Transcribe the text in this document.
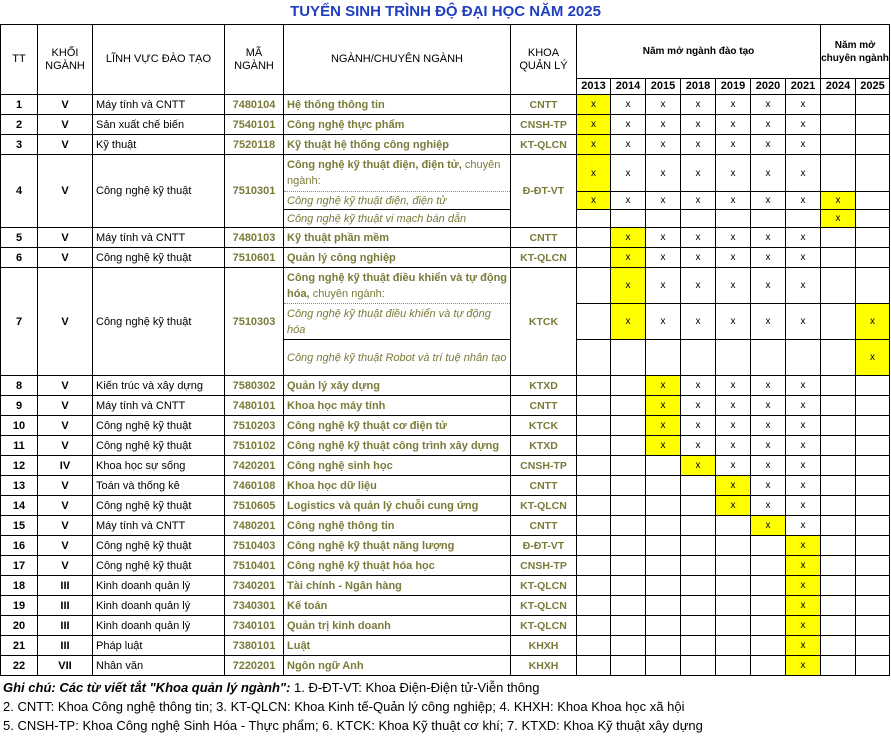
TUYỂN SINH TRÌNH ĐỘ ĐẠI HỌC NĂM 2025
TT	KHỐI NGÀNH	LĨNH VỰC ĐÀO TẠO	MÃ NGÀNH	NGÀNH/CHUYÊN NGÀNH	KHOA QUẢN LÝ	Năm mở ngành đào tạo							Năm mở chuyên ngành	
						2013	2014	2015	2018	2019	2020	2021	2024	2025
1	V	Máy tính và CNTT	7480104	Hệ thống thông tin	CNTT	x	x	x	x	x	x	x		
2	V	Sản xuất chế biến	7540101	Công nghệ thực phẩm	CNSH-TP	x	x	x	x	x	x	x		
3	V	Kỹ thuật	7520118	Kỹ thuật hệ thống công nghiệp	KT-QLCN	x	x	x	x	x	x	x		
4	V	Công nghệ kỹ thuật	7510301	Công nghệ kỹ thuật điện, điện tử, chuyên ngành:	Đ-ĐT-VT	x	x	x	x	x	x	x		
				Công nghệ kỹ thuật điện, điện tử		x	x	x	x	x	x	x	x	
				Công nghệ kỹ thuật vi mạch bán dẫn									x	
5	V	Máy tính và CNTT	7480103	Kỹ thuật phần mềm	CNTT		x	x	x	x	x	x		
6	V	Công nghệ kỹ thuật	7510601	Quản lý công nghiệp	KT-QLCN		x	x	x	x	x	x		
7	V	Công nghệ kỹ thuật	7510303	Công nghệ kỹ thuật điều khiển và tự động hóa, chuyên ngành:	KTCK		x	x	x	x	x	x		
				Công nghệ kỹ thuật điều khiển và tự động hóa			x	x	x	x	x	x		x
				Công nghệ kỹ thuật Robot và trí tuệ nhân tạo										x
8	V	Kiến trúc và xây dựng	7580302	Quản lý xây dựng	KTXD			x	x	x	x	x		
9	V	Máy tính và CNTT	7480101	Khoa học máy tính	CNTT			x	x	x	x	x		
10	V	Công nghệ kỹ thuật	7510203	Công nghệ kỹ thuật cơ điện tử	KTCK			x	x	x	x	x		
11	V	Công nghệ kỹ thuật	7510102	Công nghệ kỹ thuật công trình xây dựng	KTXD			x	x	x	x	x		
12	IV	Khoa học sự sống	7420201	Công nghệ sinh học	CNSH-TP				x	x	x	x		
13	V	Toán và thống kê	7460108	Khoa học dữ liệu	CNTT					x	x	x		
14	V	Công nghệ kỹ thuật	7510605	Logistics và quản lý chuỗi cung ứng	KT-QLCN					x	x	x		
15	V	Máy tính và CNTT	7480201	Công nghệ thông tin	CNTT						x	x		
16	V	Công nghệ kỹ thuật	7510403	Công nghệ kỹ thuật năng lượng	Đ-ĐT-VT							x		
17	V	Công nghệ kỹ thuật	7510401	Công nghệ kỹ thuật hóa học	CNSH-TP							x		
18	III	Kinh doanh quản lý	7340201	Tài chính - Ngân hàng	KT-QLCN							x		
19	III	Kinh doanh quản lý	7340301	Kế toán	KT-QLCN							x		
20	III	Kinh doanh quản lý	7340101	Quản trị kinh doanh	KT-QLCN							x		
21	III	Pháp luật	7380101	Luật	KHXH							x		
22	VII	Nhân văn	7220201	Ngôn ngữ Anh	KHXH							x		
Ghi chú: Các từ viết tắt "Khoa quản lý ngành": 1. Đ-ĐT-VT: Khoa Điện-Điện tử-Viễn thông
2. CNTT: Khoa Công nghệ thông tin; 3. KT-QLCN: Khoa Kinh tế-Quản lý công nghiệp; 4. KHXH: Khoa Khoa học xã hội
5. CNSH-TP: Khoa Công nghệ Sinh Hóa - Thực phẩm; 6. KTCK: Khoa Kỹ thuật cơ khí; 7. KTXD: Khoa Kỹ thuật xây dựng
